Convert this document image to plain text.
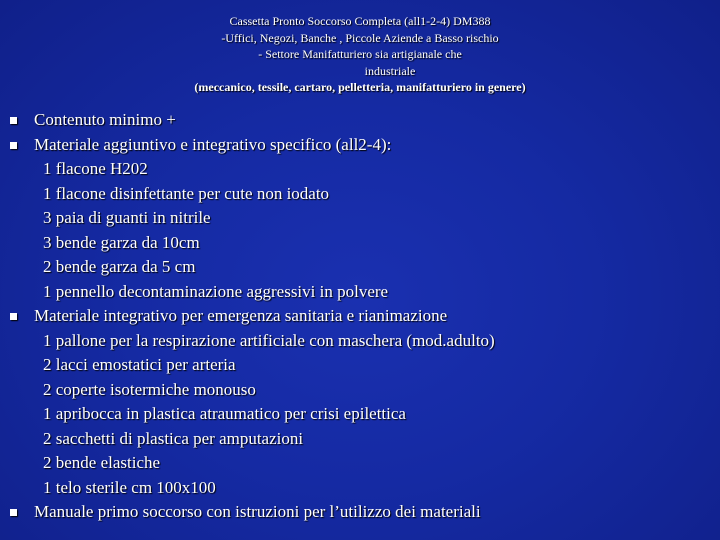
Cassetta Pronto Soccorso Completa (all1-2-4) DM388
-Uffici, Negozi, Banche , Piccole Aziende a Basso rischio
- Settore Manifatturiero sia artigianale che
industriale
(meccanico, tessile, cartaro, pelletteria, manifatturiero in genere)
Contenuto minimo +
Materiale aggiuntivo e integrativo specifico (all2-4):
1 flacone H202
1 flacone disinfettante per cute non iodato
3 paia di guanti in nitrile
3 bende garza da 10cm
2 bende garza da 5 cm
1 pennello decontaminazione aggressivi in polvere
Materiale integrativo per emergenza sanitaria e rianimazione
1 pallone per la respirazione artificiale con maschera (mod.adulto)
2 lacci emostatici per arteria
2 coperte isotermiche monouso
1 apribocca in plastica atraumatico per crisi epilettica
2 sacchetti di plastica per amputazioni
2 bende elastiche
1 telo sterile cm 100x100
Manuale primo soccorso con istruzioni per l’utilizzo dei materiali
